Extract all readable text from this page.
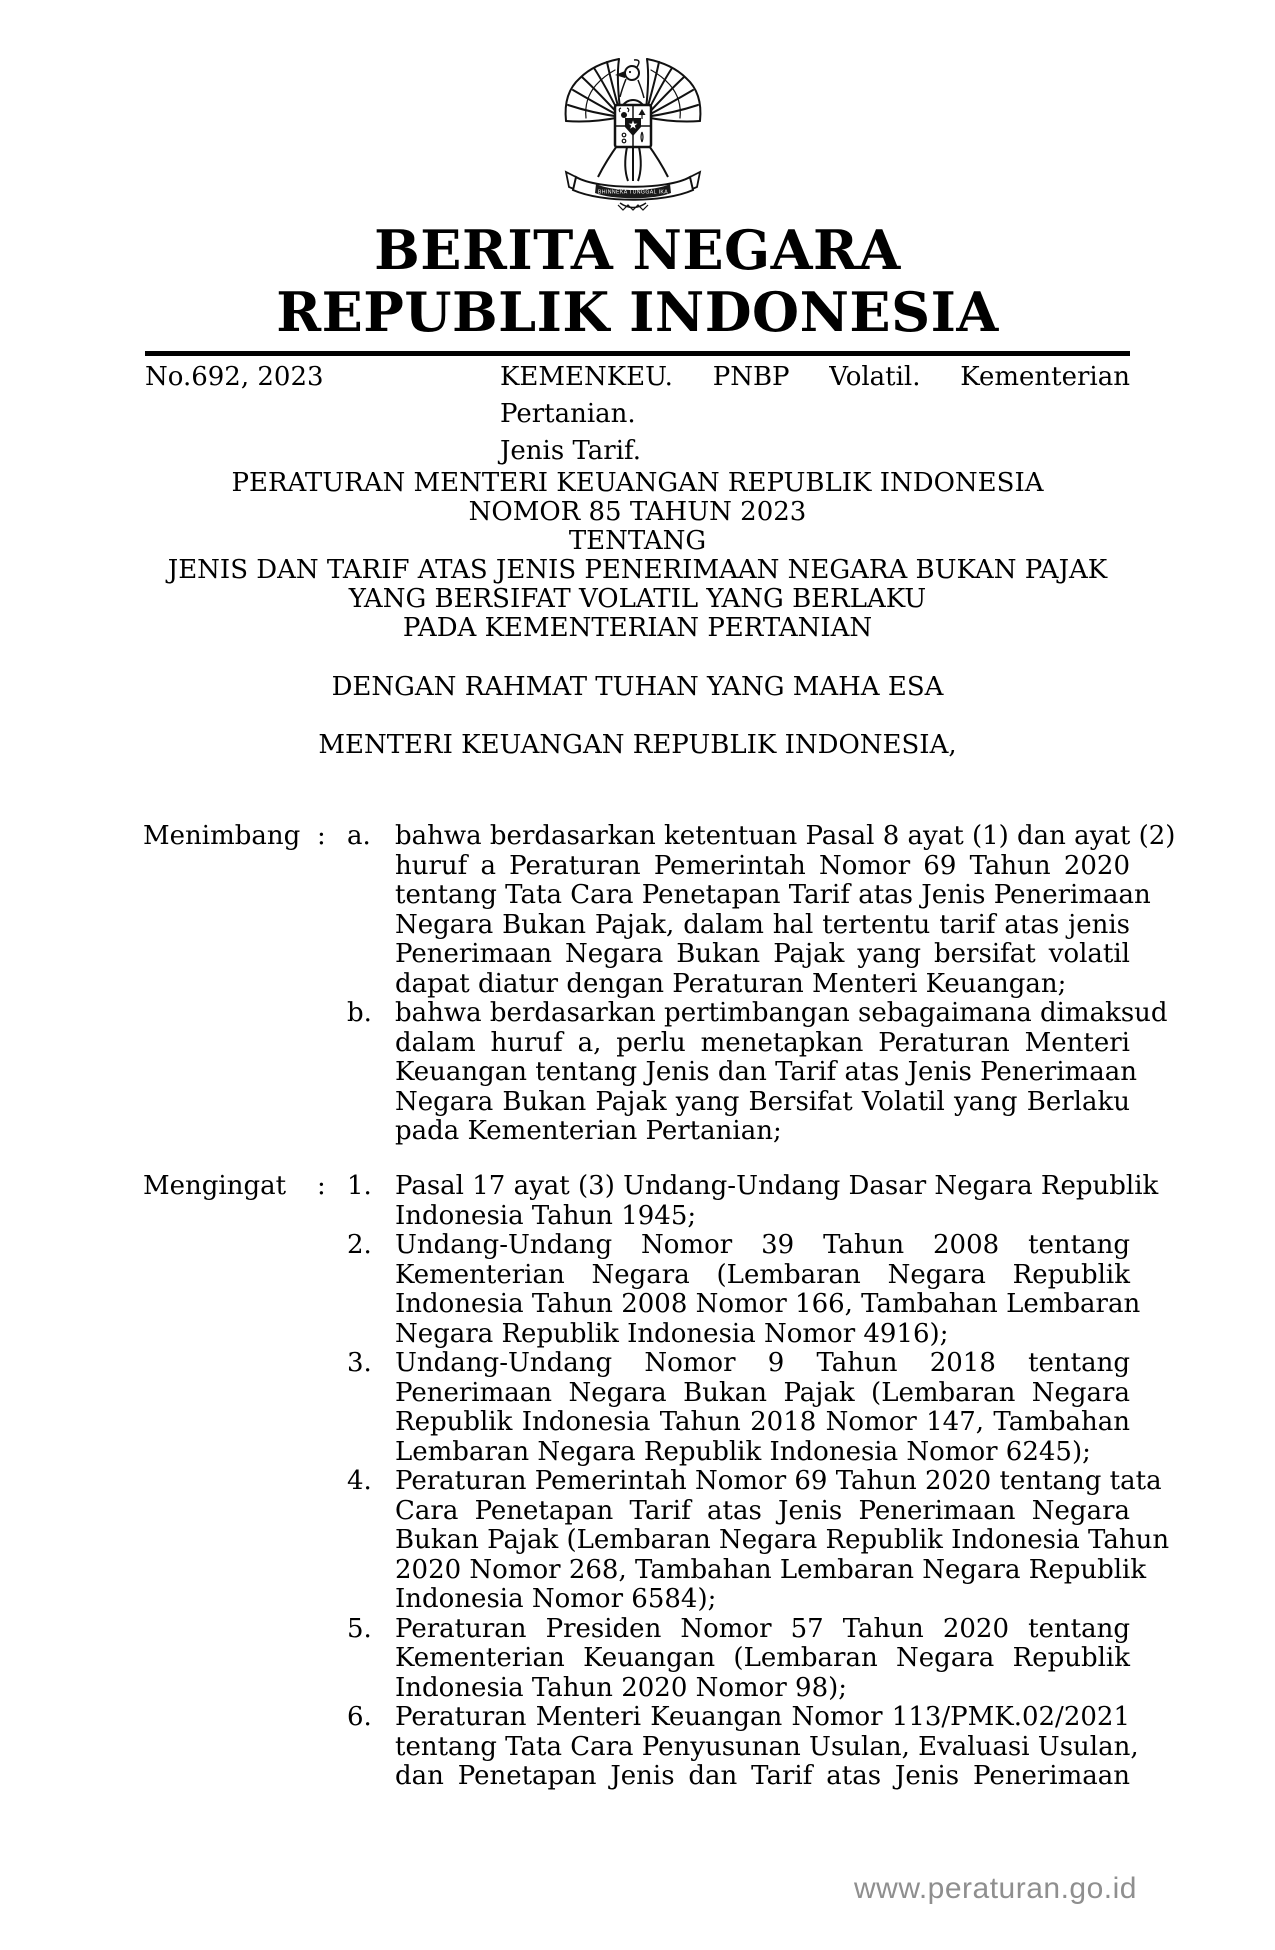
BHINNEKA TUNGGAL IKA
BERITA NEGARA
REPUBLIK INDONESIA
No.692, 2023	KEMENKEU. PNBP Volatil. Kementerian Pertanian.
Jenis Tarif.
PERATURAN MENTERI KEUANGAN REPUBLIK INDONESIA
NOMOR 85 TAHUN 2023
TENTANG
JENIS DAN TARIF ATAS JENIS PENERIMAAN NEGARA BUKAN PAJAK
YANG BERSIFAT VOLATIL YANG BERLAKU
PADA KEMENTERIAN PERTANIAN
DENGAN RAHMAT TUHAN YANG MAHA ESA
MENTERI KEUANGAN REPUBLIK INDONESIA,
Menimbang : a. bahwa berdasarkan ketentuan Pasal 8 ayat (1) dan ayat (2)
huruf a Peraturan Pemerintah Nomor 69 Tahun 2020
tentang Tata Cara Penetapan Tarif atas Jenis Penerimaan
Negara Bukan Pajak, dalam hal tertentu tarif atas jenis
Penerimaan Negara Bukan Pajak yang bersifat volatil
dapat diatur dengan Peraturan Menteri Keuangan;

b. bahwa berdasarkan pertimbangan sebagaimana dimaksud
dalam huruf a, perlu menetapkan Peraturan Menteri
Keuangan tentang Jenis dan Tarif atas Jenis Penerimaan
Negara Bukan Pajak yang Bersifat Volatil yang Berlaku
pada Kementerian Pertanian;

Mengingat	: 1. Pasal 17 ayat (3) Undang-Undang Dasar Negara Republik
Indonesia Tahun 1945;

2. Undang-Undang Nomor 39 Tahun 2008 tentang
Kementerian Negara (Lembaran Negara Republik
Indonesia Tahun 2008 Nomor 166, Tambahan Lembaran
Negara Republik Indonesia Nomor 4916);

3. Undang-Undang Nomor 9 Tahun 2018 tentang
Penerimaan Negara Bukan Pajak (Lembaran Negara
Republik Indonesia Tahun 2018 Nomor 147, Tambahan
Lembaran Negara Republik Indonesia Nomor 6245);

4. Peraturan Pemerintah Nomor 69 Tahun 2020 tentang tata
Cara Penetapan Tarif atas Jenis Penerimaan Negara
Bukan Pajak (Lembaran Negara Republik Indonesia Tahun
2020 Nomor 268, Tambahan Lembaran Negara Republik
Indonesia Nomor 6584);

5. Peraturan Presiden Nomor 57 Tahun 2020 tentang
Kementerian Keuangan (Lembaran Negara Republik
Indonesia Tahun 2020 Nomor 98);

6. Peraturan Menteri Keuangan Nomor 113/PMK.02/2021
tentang Tata Cara Penyusunan Usulan, Evaluasi Usulan,
dan Penetapan Jenis dan Tarif atas Jenis Penerimaan

www.peraturan.go.id
